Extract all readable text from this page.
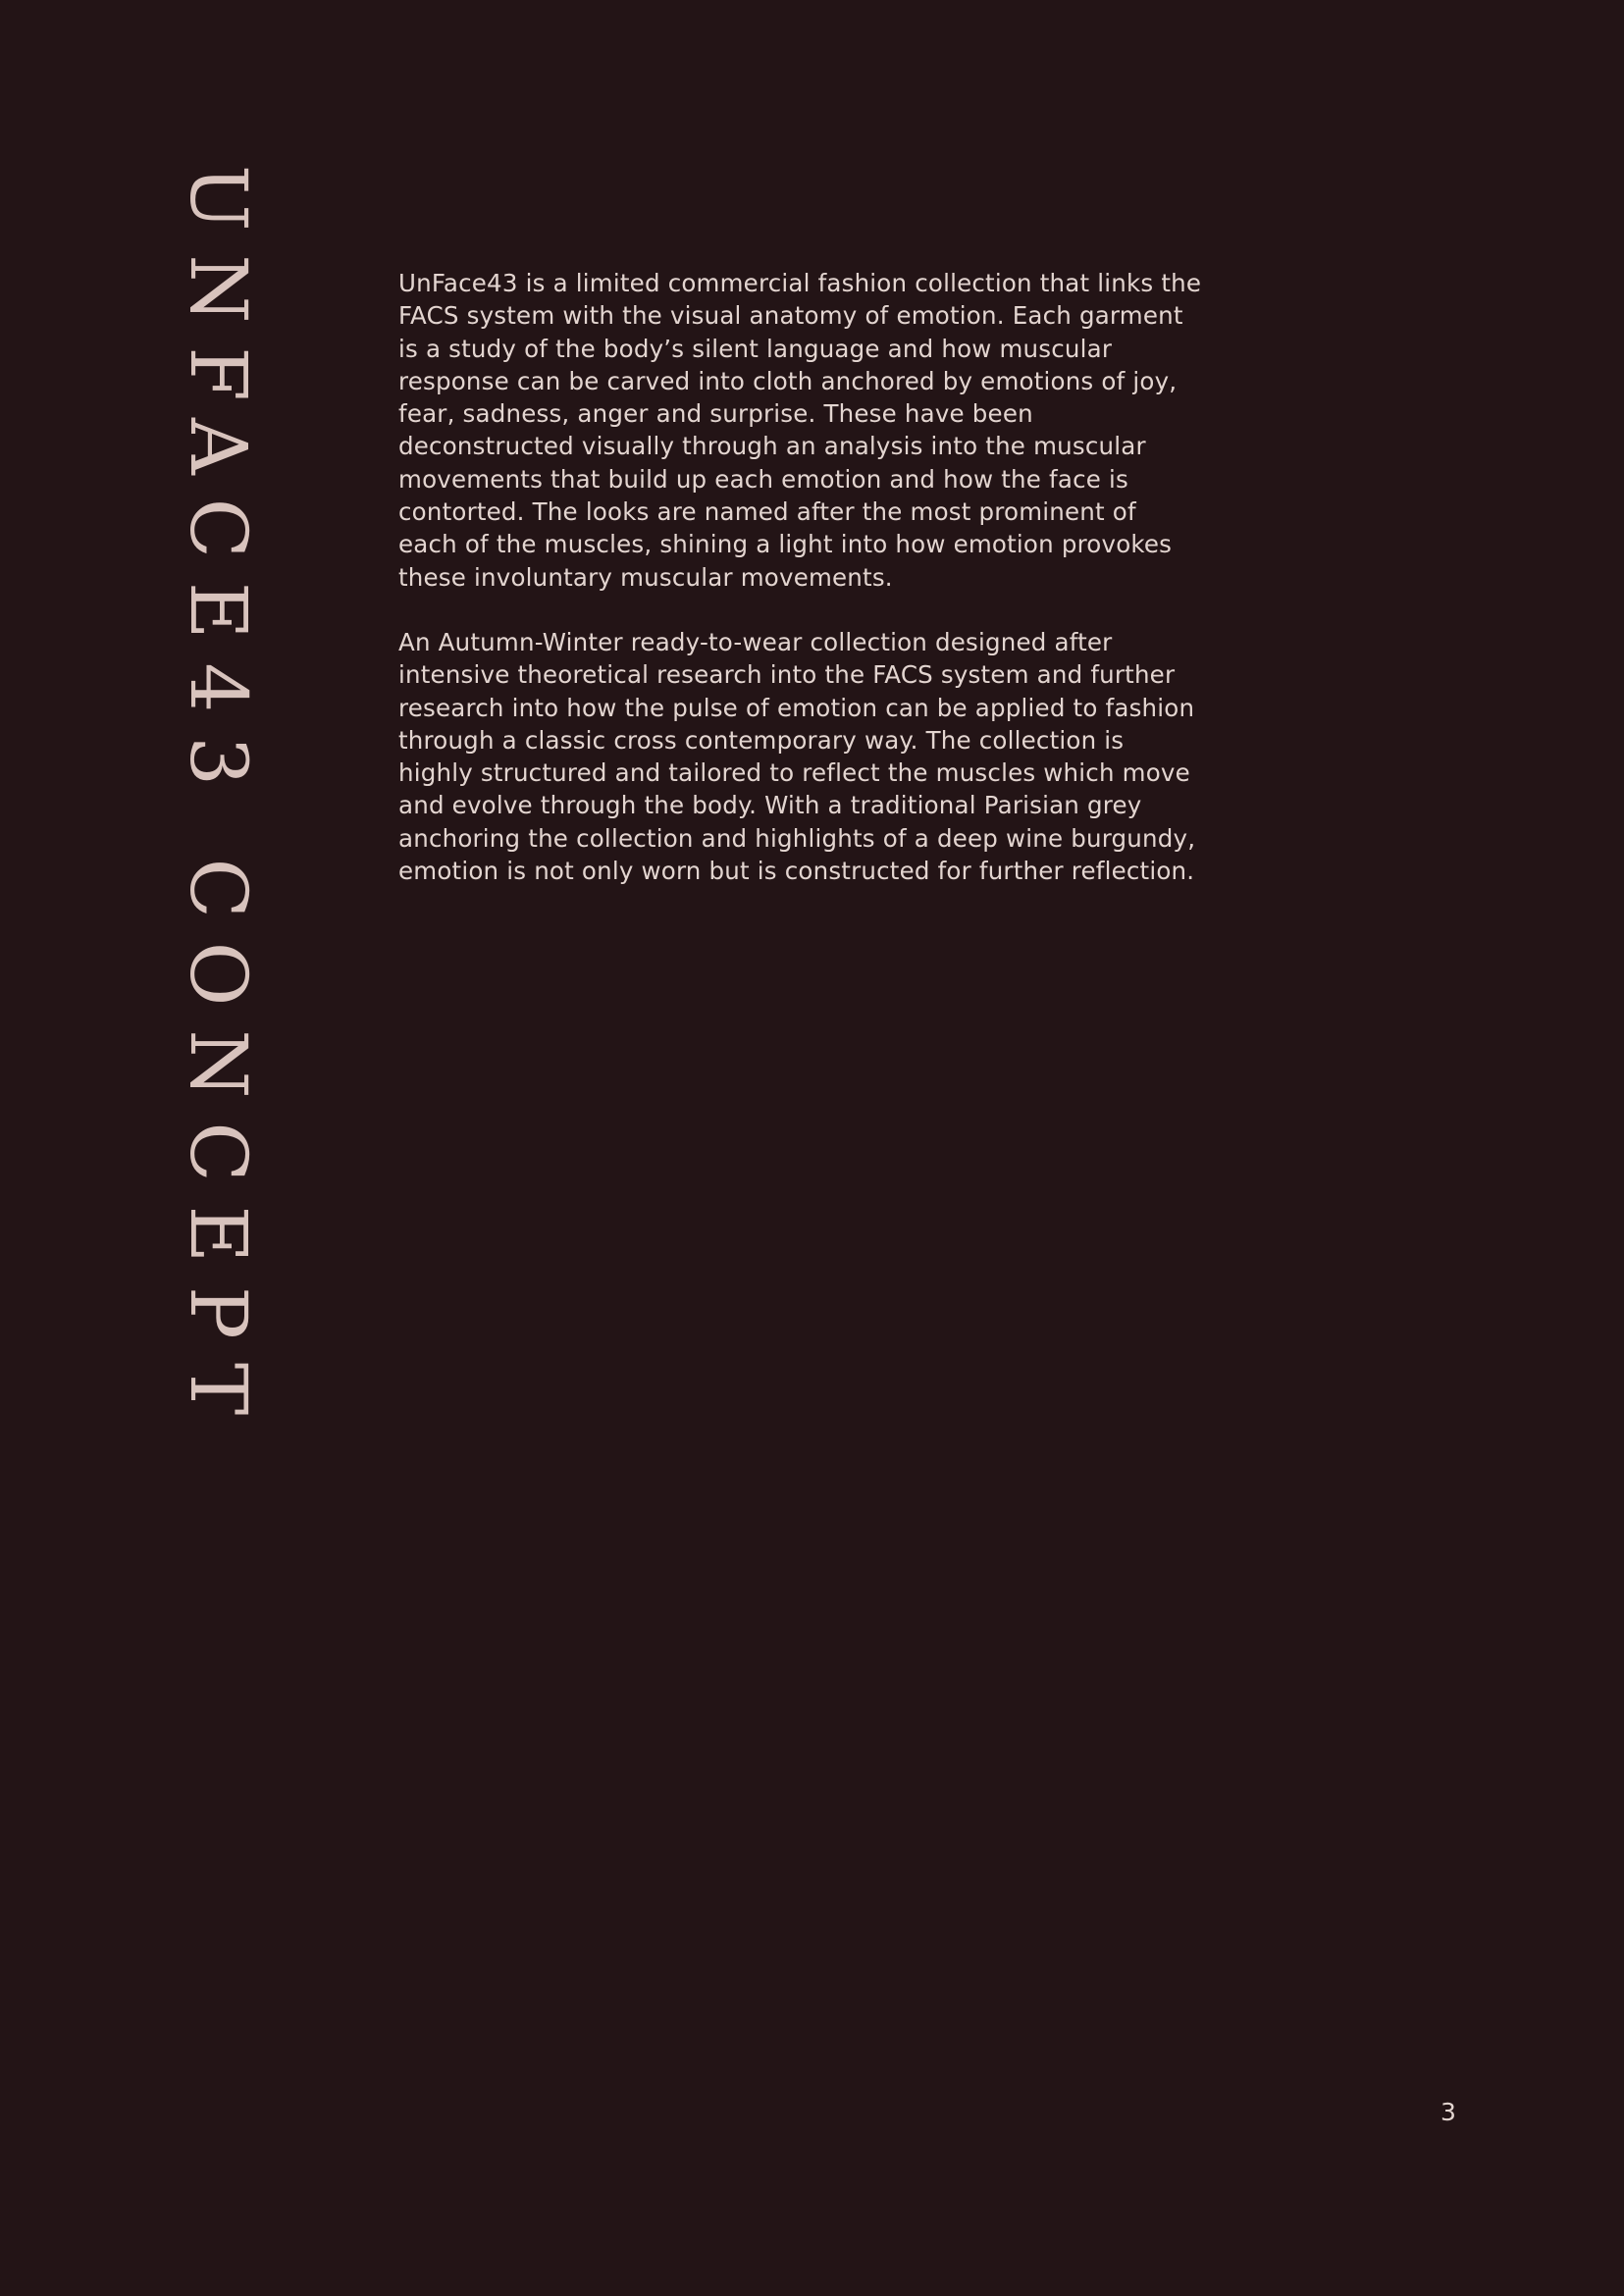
UNFACE43 CONCEPT	UnFace43 is a limited commercial fashion collection that links the
FACS system with the visual anatomy of emotion. Each garment
is a study of the body’s silent language and how muscular
response can be carved into cloth anchored by emotions of joy,
fear, sadness, anger and surprise. These have been
deconstructed visually through an analysis into the muscular
movements that build up each emotion and how the face is
contorted. The looks are named after the most prominent of
each of the muscles, shining a light into how emotion provokes
these involuntary muscular movements.

An Autumn-Winter ready-to-wear collection designed after
intensive theoretical research into the FACS system and further
research into how the pulse of emotion can be applied to fashion
through a classic cross contemporary way. The collection is
highly structured and tailored to reflect the muscles which move
and evolve through the body. With a traditional Parisian grey
anchoring the collection and highlights of a deep wine burgundy,
emotion is not only worn but is constructed for further reflection.

3
